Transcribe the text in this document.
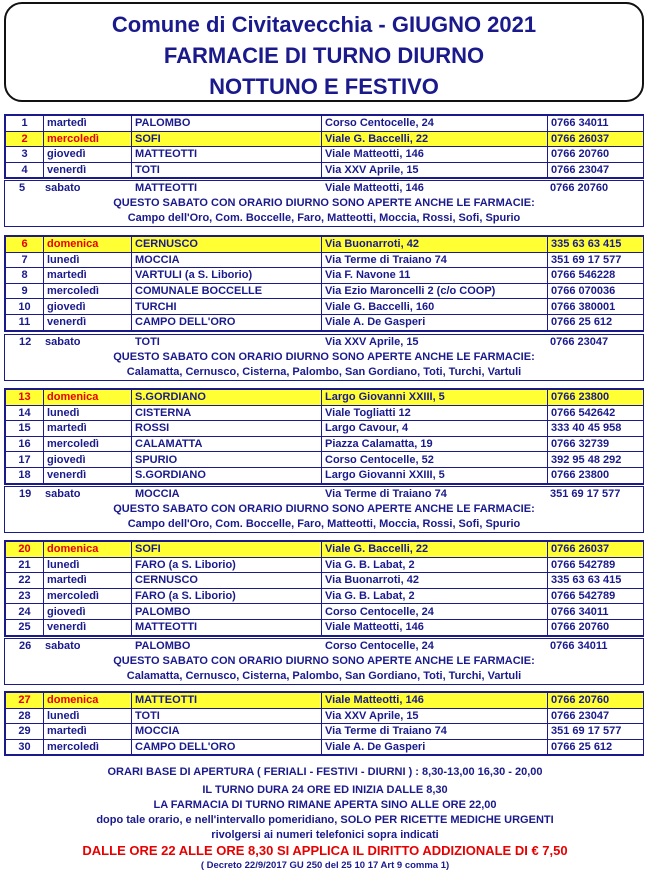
Comune di Civitavecchia - GIUGNO 2021
FARMACIE DI TURNO DIURNO
NOTTUNO E FESTIVO
1	martedì	PALOMBO	Corso Centocelle, 24	0766 34011
2	mercoledì	SOFI	Viale G. Baccelli, 22	0766 26037
3	giovedì	MATTEOTTI	Viale Matteotti, 146	0766 20760
4	venerdì	TOTI	Via XXV Aprile, 15	0766 23047
5 sabato	MATTEOTTI	Viale Matteotti, 146	0766 20760
QUESTO SABATO CON ORARIO DIURNO SONO APERTE ANCHE LE FARMACIE:
Campo dell'Oro, Com. Boccelle, Faro, Matteotti, Moccia, Rossi, Sofi, Spurio
6	domenica	CERNUSCO	Via Buonarroti, 42	335 63 63 415
7	lunedì	MOCCIA	Via Terme di Traiano 74	351 69 17 577
8	martedì	VARTULI (a S. Liborio)	Via F. Navone 11	0766 546228
9	mercoledì	COMUNALE BOCCELLE	Via Ezio Maroncelli 2 (c/o COOP)	0766 070036
10	giovedì	TURCHI	Viale G. Baccelli, 160	0766 380001
11	venerdì	CAMPO DELL'ORO	Viale A. De Gasperi	0766 25 612
12 sabato	TOTI	Via XXV Aprile, 15	0766 23047
QUESTO SABATO CON ORARIO DIURNO SONO APERTE ANCHE LE FARMACIE:
Calamatta, Cernusco, Cisterna, Palombo, San Gordiano, Toti, Turchi, Vartuli
13	domenica	S.GORDIANO	Largo Giovanni XXIII, 5	0766 23800
14	lunedì	CISTERNA	Viale Togliatti 12	0766 542642
15	martedì	ROSSI	Largo Cavour, 4	333 40 45 958
16	mercoledì	CALAMATTA	Piazza Calamatta, 19	0766 32739
17	giovedì	SPURIO	Corso Centocelle, 52	392 95 48 292
18	venerdì	S.GORDIANO	Largo Giovanni XXIII, 5	0766 23800
19 sabato	MOCCIA	Via Terme di Traiano 74	351 69 17 577
QUESTO SABATO CON ORARIO DIURNO SONO APERTE ANCHE LE FARMACIE:
Campo dell'Oro, Com. Boccelle, Faro, Matteotti, Moccia, Rossi, Sofi, Spurio
20	domenica	SOFI	Viale G. Baccelli, 22	0766 26037
21	lunedì	FARO (a S. Liborio)	Via G. B. Labat, 2	0766 542789
22	martedì	CERNUSCO	Via Buonarroti, 42	335 63 63 415
23	mercoledì	FARO (a S. Liborio)	Via G. B. Labat, 2	0766 542789
24	giovedì	PALOMBO	Corso Centocelle, 24	0766 34011
25	venerdì	MATTEOTTI	Viale Matteotti, 146	0766 20760
26 sabato	PALOMBO	Corso Centocelle, 24	0766 34011
QUESTO SABATO CON ORARIO DIURNO SONO APERTE ANCHE LE FARMACIE:
Calamatta, Cernusco, Cisterna, Palombo, San Gordiano, Toti, Turchi, Vartuli
27	domenica	MATTEOTTI	Viale Matteotti, 146	0766 20760
28	lunedì	TOTI	Via XXV Aprile, 15	0766 23047
29	martedì	MOCCIA	Via Terme di Traiano 74	351 69 17 577
30	mercoledì	CAMPO DELL'ORO	Viale A. De Gasperi	0766 25 612
ORARI BASE DI APERTURA ( FERIALI - FESTIVI - DIURNI ) : 8,30-13,00 16,30 - 20,00
IL TURNO DURA 24 ORE ED INIZIA DALLE 8,30
LA FARMACIA DI TURNO RIMANE APERTA SINO ALLE ORE 22,00
dopo tale orario, e nell'intervallo pomeridiano, SOLO PER RICETTE MEDICHE URGENTI
rivolgersi ai numeri telefonici sopra indicati
DALLE ORE 22 ALLE ORE 8,30 SI APPLICA IL DIRITTO ADDIZIONALE DI € 7,50
( Decreto 22/9/2017 GU 250 del 25 10 17 Art 9 comma 1)
